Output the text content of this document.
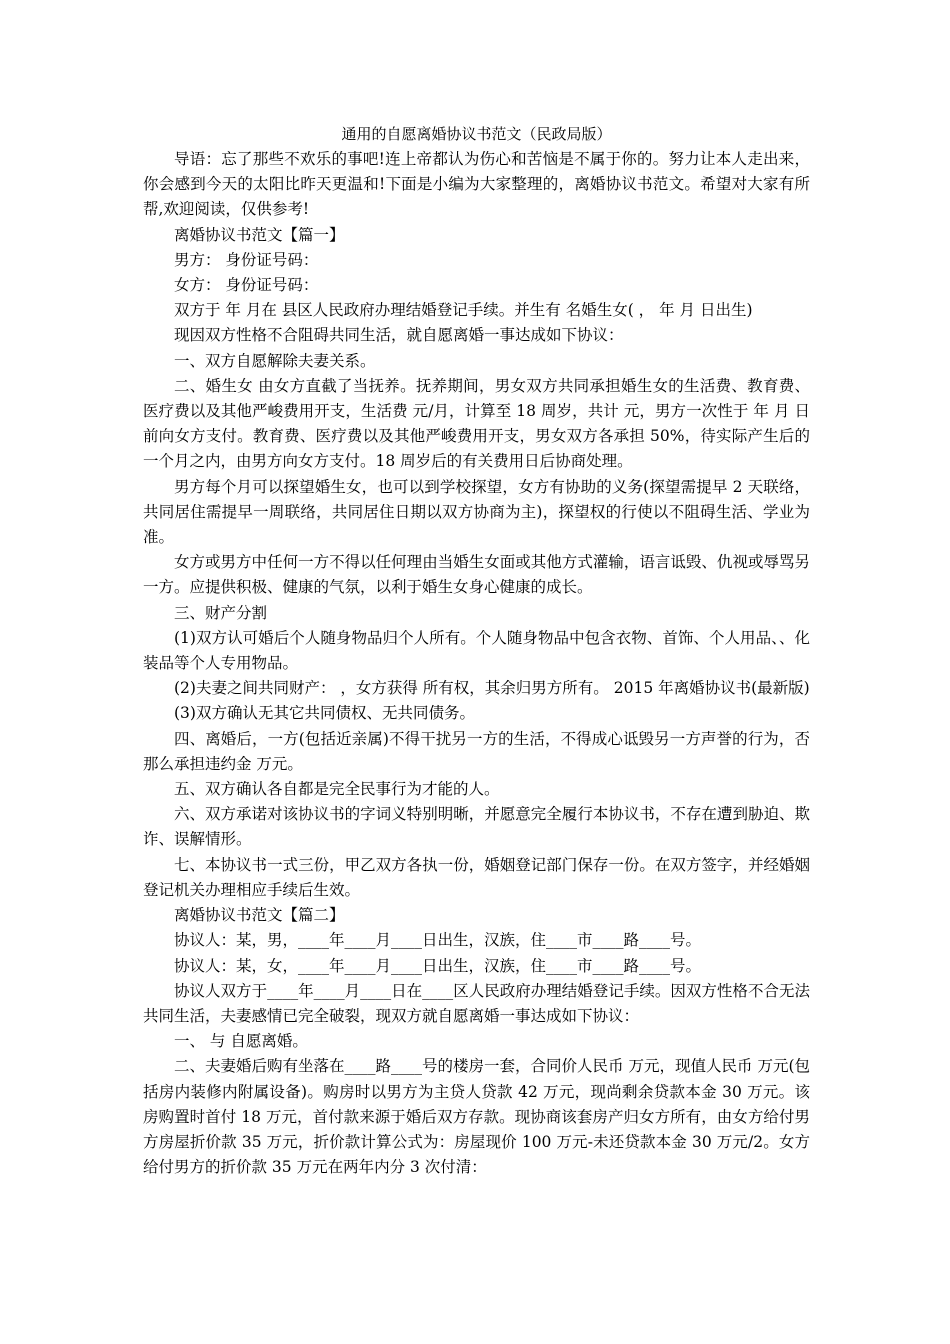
通用的自愿离婚协议书范文（民政局版）

导语：忘了那些不欢乐的事吧!连上帝都认为伤心和苦恼是不属于你的。努力让本人走出来，你会感到今天的太阳比昨天更温和!下面是小编为大家整理的，离婚协议书范文。希望对大家有所帮,欢迎阅读，仅供参考!

离婚协议书范文【篇一】

男方： 身份证号码：

女方： 身份证号码：

双方于 年 月在 县区人民政府办理结婚登记手续。并生有 名婚生女( ， 年 月 日出生)

现因双方性格不合阻碍共同生活，就自愿离婚一事达成如下协议：

一、双方自愿解除夫妻关系。

二、婚生女 由女方直截了当抚养。抚养期间，男女双方共同承担婚生女的生活费、教育费、医疗费以及其他严峻费用开支，生活费 元/月，计算至 18 周岁，共计 元，男方一次性于 年 月 日前向女方支付。教育费、医疗费以及其他严峻费用开支，男女双方各承担 50%，待实际产生后的一个月之内，由男方向女方支付。18 周岁后的有关费用日后协商处理。

男方每个月可以探望婚生女，也可以到学校探望，女方有协助的义务(探望需提早 2 天联络，共同居住需提早一周联络，共同居住日期以双方协商为主)，探望权的行使以不阻碍生活、学业为准。

女方或男方中任何一方不得以任何理由当婚生女面或其他方式灌输，语言诋毁、仇视或辱骂另一方。应提供积极、健康的气氛，以利于婚生女身心健康的成长。

三、财产分割

(1)双方认可婚后个人随身物品归个人所有。个人随身物品中包含衣物、首饰、个人用品、、化装品等个人专用物品。

(2)夫妻之间共同财产： ，女方获得 所有权，其余归男方所有。 2015 年离婚协议书(最新版)

(3)双方确认无其它共同债权、无共同债务。

四、离婚后，一方(包括近亲属)不得干扰另一方的生活，不得成心诋毁另一方声誉的行为，否那么承担违约金 万元。

五、双方确认各自都是完全民事行为才能的人。

六、双方承诺对该协议书的字词义特别明晰，并愿意完全履行本协议书，不存在遭到胁迫、欺诈、误解情形。

七、本协议书一式三份，甲乙双方各执一份，婚姻登记部门保存一份。在双方签字，并经婚姻登记机关办理相应手续后生效。

离婚协议书范文【篇二】

协议人：某，男，____年____月____日出生，汉族，住____市____路____号。

协议人：某，女，____年____月____日出生，汉族，住____市____路____号。

协议人双方于____年____月____日在____区人民政府办理结婚登记手续。因双方性格不合无法共同生活，夫妻感情已完全破裂，现双方就自愿离婚一事达成如下协议：

一、 与 自愿离婚。

二、夫妻婚后购有坐落在____路____号的楼房一套，合同价人民币 万元，现值人民币 万元(包括房内装修内附属设备)。购房时以男方为主贷人贷款 42 万元，现尚剩余贷款本金 30 万元。该房购置时首付 18 万元，首付款来源于婚后双方存款。现协商该套房产归女方所有，由女方给付男方房屋折价款 35 万元，折价款计算公式为：房屋现价 100 万元-未还贷款本金 30 万元/2。女方给付男方的折价款 35 万元在两年内分 3 次付清：
